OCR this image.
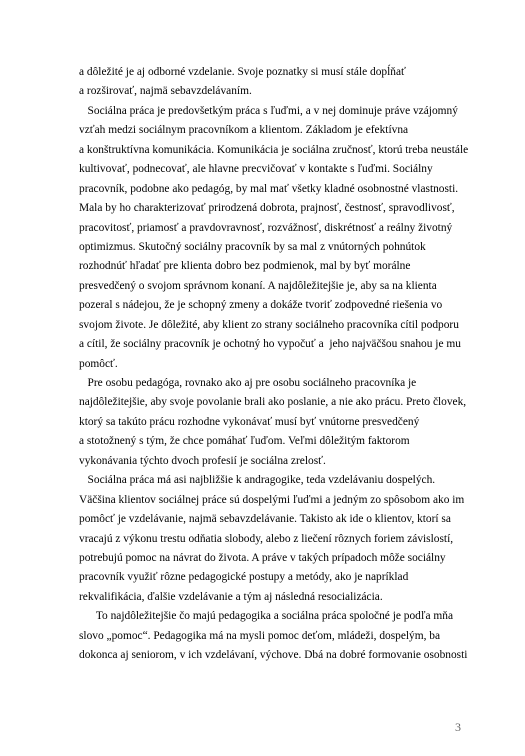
a dôležité je aj odborné vzdelanie. Svoje poznatky si musí stále dopĺňať
a rozširovať, najmä sebavzdelávaním.
Sociálna práca je predovšetkým práca s ľuďmi, a v nej dominuje práve vzájomný
vzťah medzi sociálnym pracovníkom a klientom. Základom je efektívna
a konštruktívna komunikácia. Komunikácia je sociálna zručnosť, ktorú treba neustále
kultivovať, podnecovať, ale hlavne precvičovať v kontakte s ľuďmi. Sociálny
pracovník, podobne ako pedagóg, by mal mať všetky kladné osobnostné vlastnosti.
Mala by ho charakterizovať prirodzená dobrota, prajnosť, čestnosť, spravodlivosť,
pracovitosť, priamosť a pravdovravnosť, rozvážnosť, diskrétnosť a reálny životný
optimizmus. Skutočný sociálny pracovník by sa mal z vnútorných pohnútok
rozhodnúť hľadať pre klienta dobro bez podmienok, mal by byť morálne
presvedčený o svojom správnom konaní. A najdôležitejšie je, aby sa na klienta
pozeral s nádejou, že je schopný zmeny a dokáže tvoriť zodpovedné riešenia vo
svojom živote. Je dôležité, aby klient zo strany sociálneho pracovníka cítil podporu
a cítil, že sociálny pracovník je ochotný ho vypočuť a  jeho najväčšou snahou je mu
pomôcť.
Pre osobu pedagóga, rovnako ako aj pre osobu sociálneho pracovníka je
najdôležitejšie, aby svoje povolanie brali ako poslanie, a nie ako prácu. Preto človek,
ktorý sa takúto prácu rozhodne vykonávať musí byť vnútorne presvedčený
a stotožnený s tým, že chce pomáhať ľuďom. Veľmi dôležitým faktorom
vykonávania týchto dvoch profesií je sociálna zrelosť.
Sociálna práca má asi najbližšie k andragogike, teda vzdelávaniu dospelých.
Väčšina klientov sociálnej práce sú dospelými ľuďmi a jedným zo spôsobom ako im
pomôcť je vzdelávanie, najmä sebavzdelávanie. Takisto ak ide o klientov, ktorí sa
vracajú z výkonu trestu odňatia slobody, alebo z liečení rôznych foriem závislostí,
potrebujú pomoc na návrat do života. A práve v takých prípadoch môže sociálny
pracovník využiť rôzne pedagogické postupy a metódy, ako je napríklad
rekvalifikácia, ďalšie vzdelávanie a tým aj následná resocializácia.
To najdôležitejšie čo majú pedagogika a sociálna práca spoločné je podľa mňa
slovo „pomoc“. Pedagogika má na mysli pomoc deťom, mládeži, dospelým, ba
dokonca aj seniorom, v ich vzdelávaní, výchove. Dbá na dobré formovanie osobnosti
3
